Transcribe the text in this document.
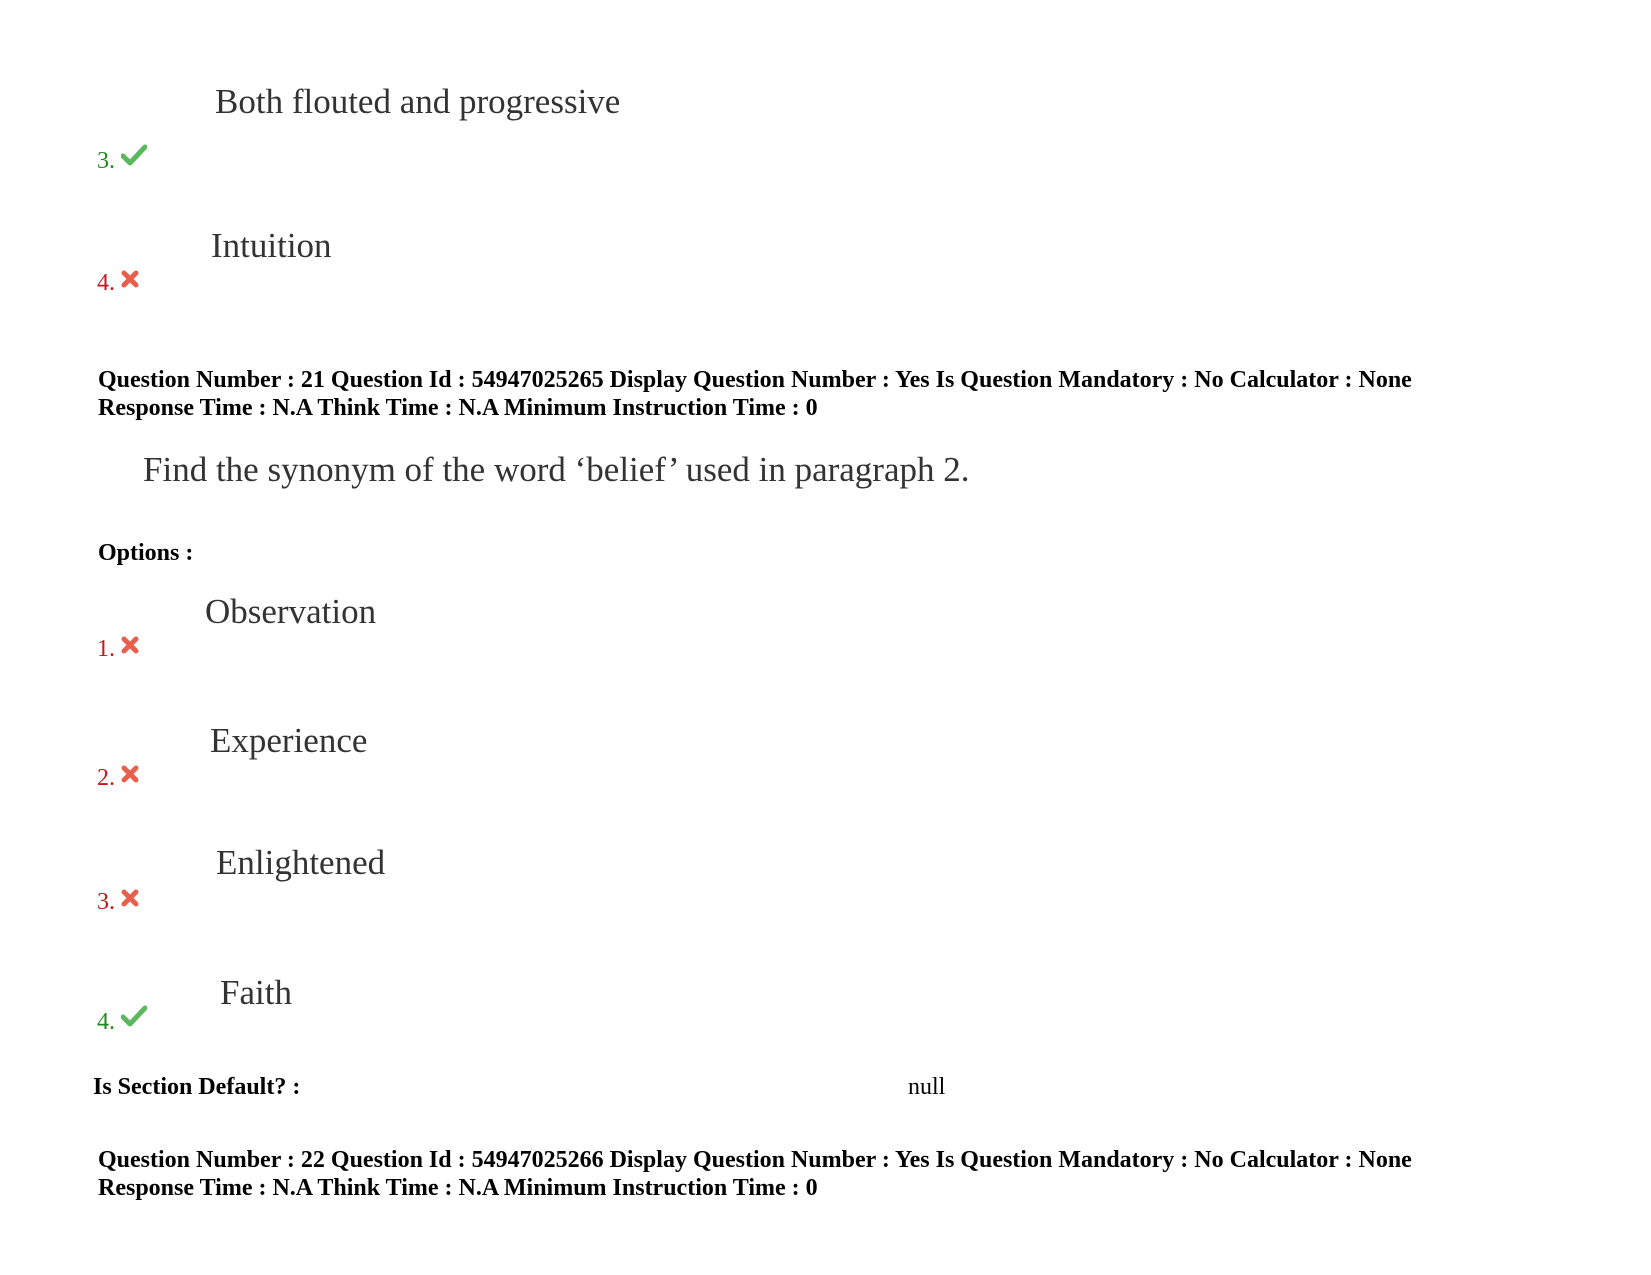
Both flouted and progressive
3.
Intuition
4.
Question Number : 21 Question Id : 54947025265 Display Question Number : Yes Is Question Mandatory : No Calculator : None
Response Time : N.A Think Time : N.A Minimum Instruction Time : 0
Find the synonym of the word ‘belief’ used in paragraph 2.
Options :
Observation
1.
Experience
2.
Enlightened
3.
Faith
4.
Is Section Default? :	null
Question Number : 22 Question Id : 54947025266 Display Question Number : Yes Is Question Mandatory : No Calculator : None
Response Time : N.A Think Time : N.A Minimum Instruction Time : 0
